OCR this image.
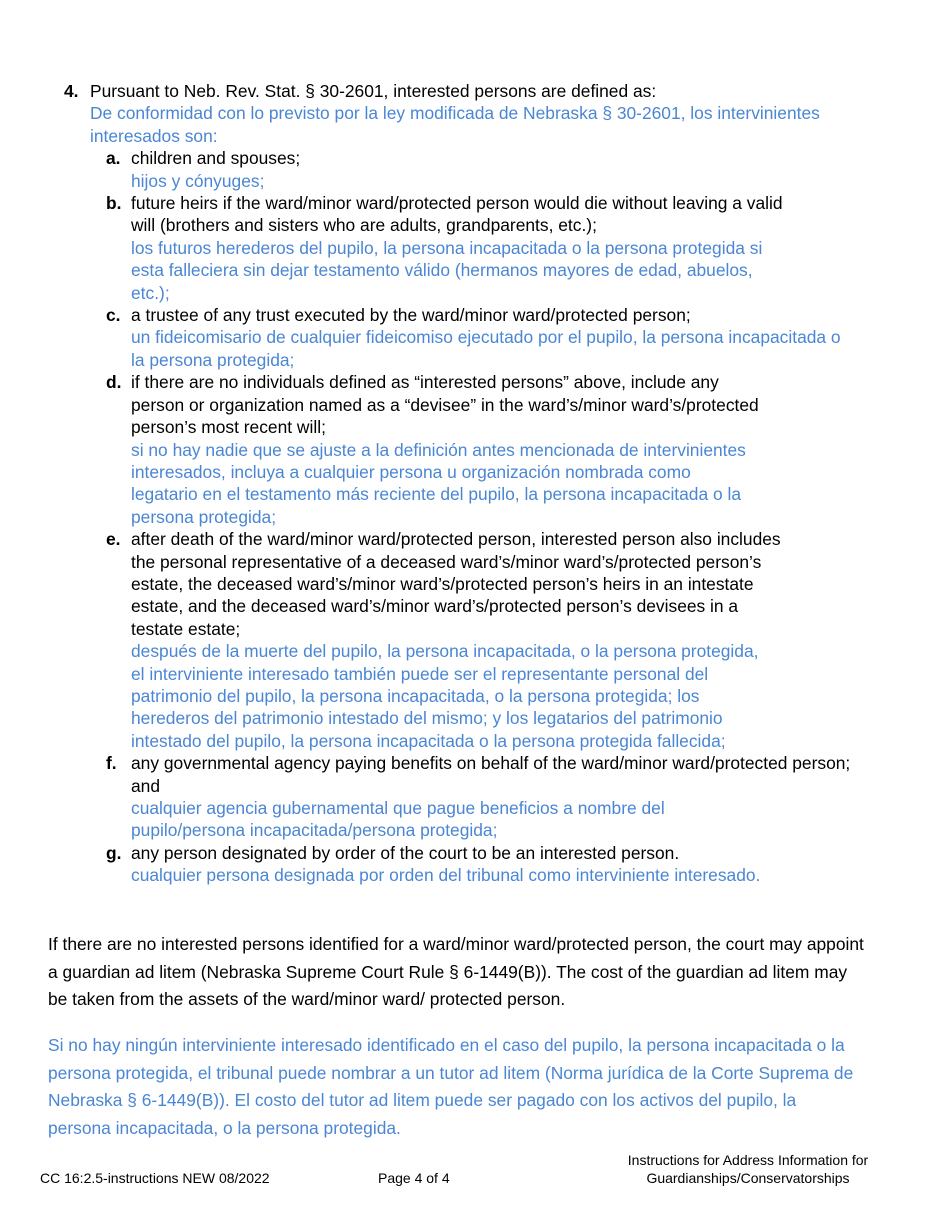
4. Pursuant to Neb. Rev. Stat. § 30-2601, interested persons are defined as:
De conformidad con lo previsto por la ley modificada de Nebraska § 30-2601, los intervinientes
interesados son:
a. children and spouses;
hijos y cónyuges;
b. future heirs if the ward/minor ward/protected person would die without leaving a valid
will (brothers and sisters who are adults, grandparents, etc.);
los futuros herederos del pupilo, la persona incapacitada o la persona protegida si
esta falleciera sin dejar testamento válido (hermanos mayores de edad, abuelos,
etc.);
c. a trustee of any trust executed by the ward/minor ward/protected person;
un fideicomisario de cualquier fideicomiso ejecutado por el pupilo, la persona incapacitada o
la persona protegida;
d. if there are no individuals defined as “interested persons” above, include any
person or organization named as a “devisee” in the ward’s/minor ward’s/protected
person’s most recent will;
si no hay nadie que se ajuste a la definición antes mencionada de intervinientes
interesados, incluya a cualquier persona u organización nombrada como
legatario en el testamento más reciente del pupilo, la persona incapacitada o la
persona protegida;
e. after death of the ward/minor ward/protected person, interested person also includes
the personal representative of a deceased ward’s/minor ward’s/protected person’s
estate, the deceased ward’s/minor ward’s/protected person’s heirs in an intestate
estate, and the deceased ward’s/minor ward’s/protected person’s devisees in a
testate estate;
después de la muerte del pupilo, la persona incapacitada, o la persona protegida,
el interviniente interesado también puede ser el representante personal del
patrimonio del pupilo, la persona incapacitada, o la persona protegida; los
herederos del patrimonio intestado del mismo; y los legatarios del patrimonio
intestado del pupilo, la persona incapacitada o la persona protegida fallecida;
f. any governmental agency paying benefits on behalf of the ward/minor ward/protected person;
and
cualquier agencia gubernamental que pague beneficios a nombre del
pupilo/persona incapacitada/persona protegida;
g. any person designated by order of the court to be an interested person.
cualquier persona designada por orden del tribunal como interviniente interesado.
If there are no interested persons identified for a ward/minor ward/protected person, the court may appoint
a guardian ad litem (Nebraska Supreme Court Rule § 6-1449(B)). The cost of the guardian ad litem may
be taken from the assets of the ward/minor ward/ protected person.
Si no hay ningún interviniente interesado identificado en el caso del pupilo, la persona incapacitada o la
persona protegida, el tribunal puede nombrar a un tutor ad litem (Norma jurídica de la Corte Suprema de
Nebraska § 6-1449(B)). El costo del tutor ad litem puede ser pagado con los activos del pupilo, la
persona incapacitada, o la persona protegida.
CC 16:2.5-instructions NEW 08/2022	Page 4 of 4
Instructions for Address Information for
Guardianships/Conservatorships
